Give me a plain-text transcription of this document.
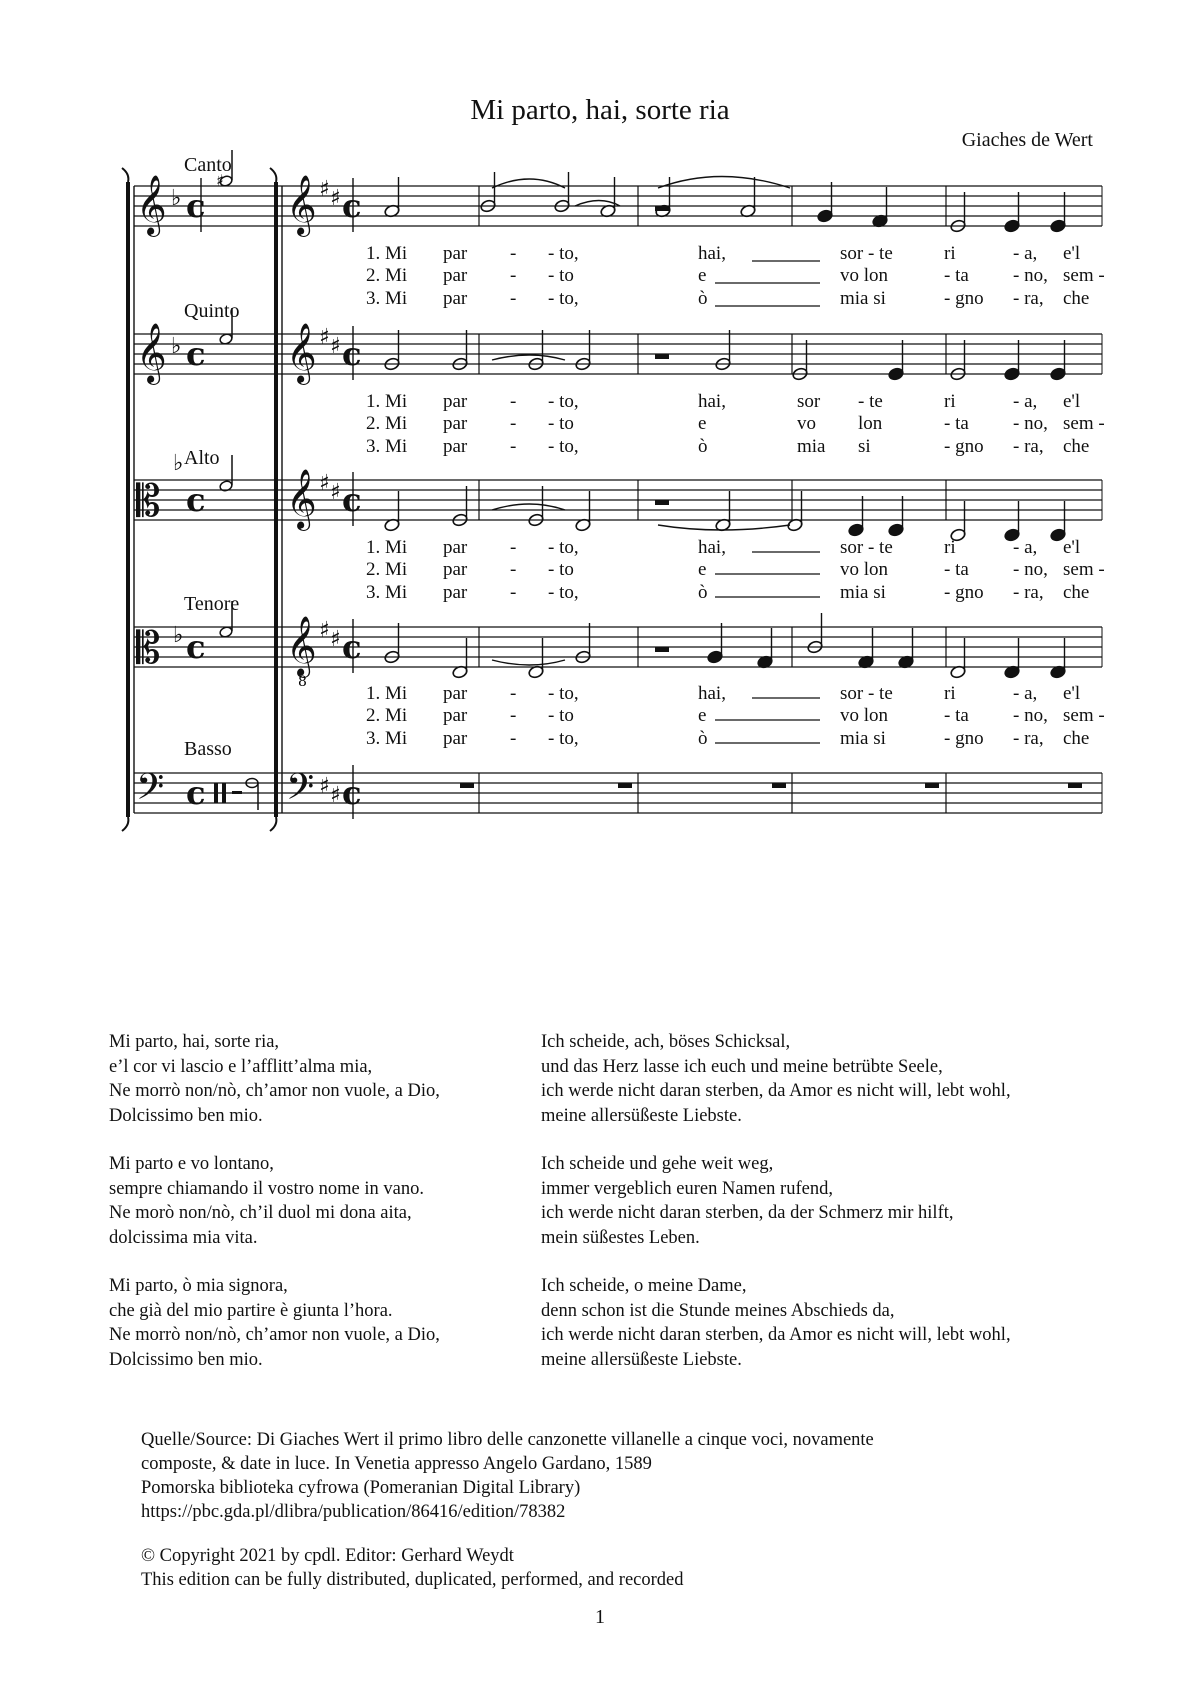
Mi parto, hai, sorte ria
Giaches de Wert
Canto
Quinto
Alto
Tenore
Basso
𝄞 𝄞
𝄞 𝄞
𝄡 𝄞
𝄡 𝄞
𝄢	𝄢
♭
♭
♭
♭
♯ ♯
♯ ♯
♯ ♯
♯ ♯
♯ ♯
c	c
c	c
c	c
c	c
c	c
8
♯
1. Mi par - - to,	hai,	sor - te	ri	- a, e'l
2. Mi par - - to	e	vo lon	- ta - no, sem -
3. Mi par - - to,	ò	mia si	- gno - ra, che
1. Mi par - - to,	hai,	sor - te	ri	- a, e'l
2. Mi par - - to	e	vo lon	- ta - no, sem -
3. Mi par - - to,	ò	mia si	- gno - ra, che
1. Mi par - - to,	hai,	sor - te	ri	- a, e'l
2. Mi par - - to	e	vo lon	- ta - no, sem -
3. Mi par - - to,	ò	mia si	- gno - ra, che
1. Mi par - - to,	hai,	sor - te	ri	- a, e'l
2. Mi par - - to	e	vo lon	- ta - no, sem -
3. Mi par - - to,	ò	mia si	- gno - ra, che

Mi parto, hai, sorte ria,
e’l cor vi lascio e l’afflitt’alma mia,
Ne morrò non/nò, ch’amor non vuole, a Dio,
Dolcissimo ben mio.

Mi parto e vo lontano,
sempre chiamando il vostro nome in vano.
Ne morò non/nò, ch’il duol mi dona aita,
dolcissima mia vita.

Mi parto, ò mia signora,
che già del mio partire è giunta l’hora.
Ne morrò non/nò, ch’amor non vuole, a Dio,
Dolcissimo ben mio.

Ich scheide, ach, böses Schicksal,
und das Herz lasse ich euch und meine betrübte Seele,
ich werde nicht daran sterben, da Amor es nicht will, lebt wohl,
meine allersüßeste Liebste.

Ich scheide und gehe weit weg,
immer vergeblich euren Namen rufend,
ich werde nicht daran sterben, da der Schmerz mir hilft,
mein süßestes Leben.

Ich scheide, o meine Dame,
denn schon ist die Stunde meines Abschieds da,
ich werde nicht daran sterben, da Amor es nicht will, lebt wohl,
meine allersüßeste Liebste.

Quelle/Source: Di Giaches Wert il primo libro delle canzonette villanelle a cinque voci, novamente
composte, & date in luce. In Venetia appresso Angelo Gardano, 1589
Pomorska biblioteka cyfrowa (Pomeranian Digital Library)
https://pbc.gda.pl/dlibra/publication/86416/edition/78382
© Copyright 2021 by cpdl. Editor: Gerhard Weydt
This edition can be fully distributed, duplicated, performed, and recorded
1
